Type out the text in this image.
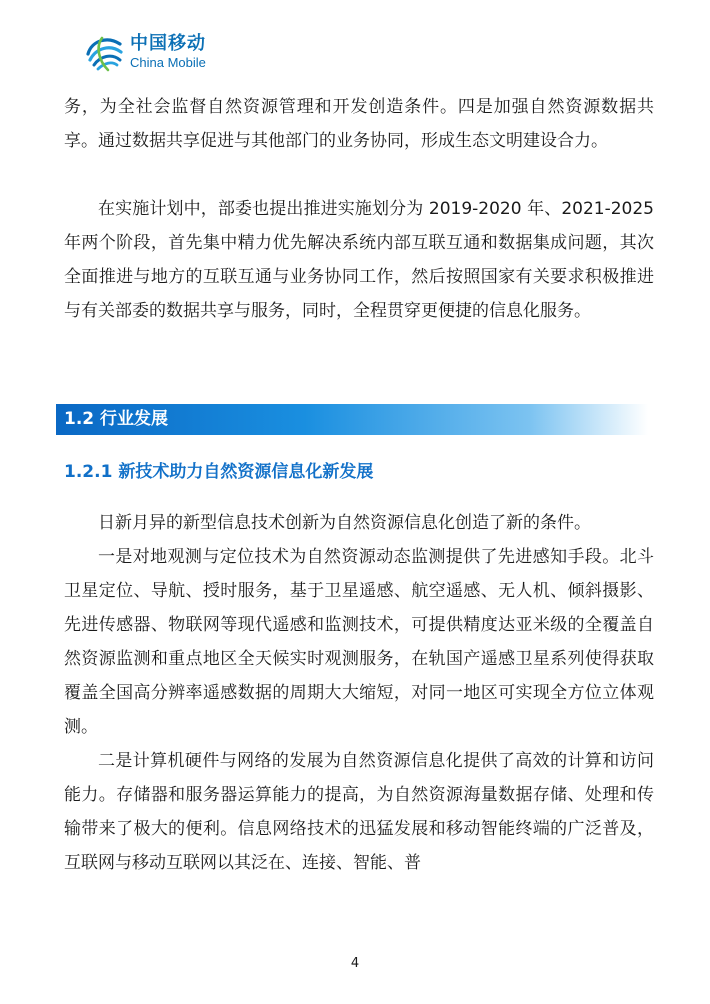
中国移动
China Mobile

务，为全社会监督自然资源管理和开发创造条件。四是加强自然资源数据共享。通过数据共享促进与其他部门的业务协同，形成生态文明建设合力。

在实施计划中，部委也提出推进实施划分为 2019-2020 年、2021-2025 年两个阶段，首先集中精力优先解决系统内部互联互通和数据集成问题，其次全面推进与地方的互联互通与业务协同工作，然后按照国家有关要求积极推进与有关部委的数据共享与服务，同时，全程贯穿更便捷的信息化服务。

1.2 行业发展
1.2.1 新技术助力自然资源信息化新发展

日新月异的新型信息技术创新为自然资源信息化创造了新的条件。

一是对地观测与定位技术为自然资源动态监测提供了先进感知手段。北斗卫星定位、导航、授时服务，基于卫星遥感、航空遥感、无人机、倾斜摄影、先进传感器、物联网等现代遥感和监测技术，可提供精度达亚米级的全覆盖自然资源监测和重点地区全天候实时观测服务，在轨国产遥感卫星系列使得获取覆盖全国高分辨率遥感数据的周期大大缩短，对同一地区可实现全方位立体观测。

二是计算机硬件与网络的发展为自然资源信息化提供了高效的计算和访问能力。存储器和服务器运算能力的提高，为自然资源海量数据存储、处理和传输带来了极大的便利。信息网络技术的迅猛发展和移动智能终端的广泛普及，互联网与移动互联网以其泛在、连接、智能、普

4
